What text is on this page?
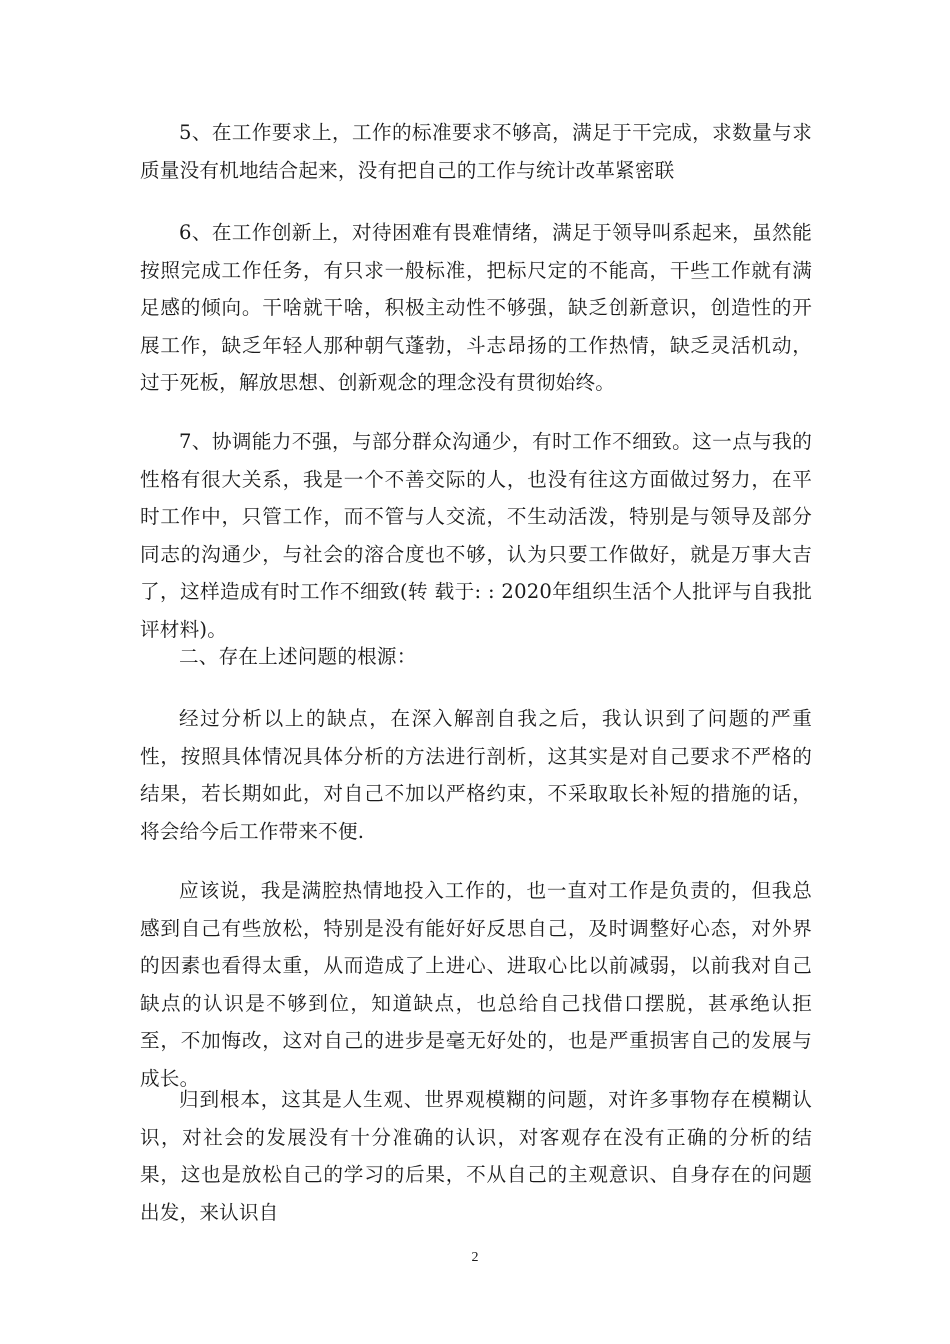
5、在工作要求上，工作的标准要求不够高，满足于干完成，求数量与求质量没有机地结合起来，没有把自己的工作与统计改革紧密联

6、在工作创新上，对待困难有畏难情绪，满足于领导叫系起来，虽然能按照完成工作任务，有只求一般标准，把标尺定的不能高，干些工作就有满足感的倾向。干啥就干啥，积极主动性不够强，缺乏创新意识，创造性的开展工作，缺乏年轻人那种朝气蓬勃，斗志昂扬的工作热情，缺乏灵活机动，过于死板，解放思想、创新观念的理念没有贯彻始终。

7、协调能力不强，与部分群众沟通少，有时工作不细致。这一点与我的性格有很大关系，我是一个不善交际的人，也没有往这方面做过努力，在平时工作中，只管工作，而不管与人交流，不生动活泼，特别是与领导及部分同志的沟通少，与社会的溶合度也不够，认为只要工作做好，就是万事大吉了，这样造成有时工作不细致(转 载于: : 2020年组织生活个人批评与自我批评材料)。

二、存在上述问题的根源：

经过分析以上的缺点，在深入解剖自我之后，我认识到了问题的严重性，按照具体情况具体分析的方法进行剖析，这其实是对自己要求不严格的结果，若长期如此，对自己不加以严格约束，不采取取长补短的措施的话，将会给今后工作带来不便.

应该说，我是满腔热情地投入工作的，也一直对工作是负责的，但我总感到自己有些放松，特别是没有能好好反思自己，及时调整好心态，对外界的因素也看得太重，从而造成了上进心、进取心比以前减弱，以前我对自己缺点的认识是不够到位，知道缺点，也总给自己找借口摆脱，甚承绝认拒至，不加悔改，这对自己的进步是毫无好处的，也是严重损害自己的发展与成长。

归到根本，这其是人生观、世界观模糊的问题，对许多事物存在模糊认识，对社会的发展没有十分准确的认识，对客观存在没有正确的分析的结果，这也是放松自己的学习的后果，不从自己的主观意识、自身存在的问题出发，来认识自

2
